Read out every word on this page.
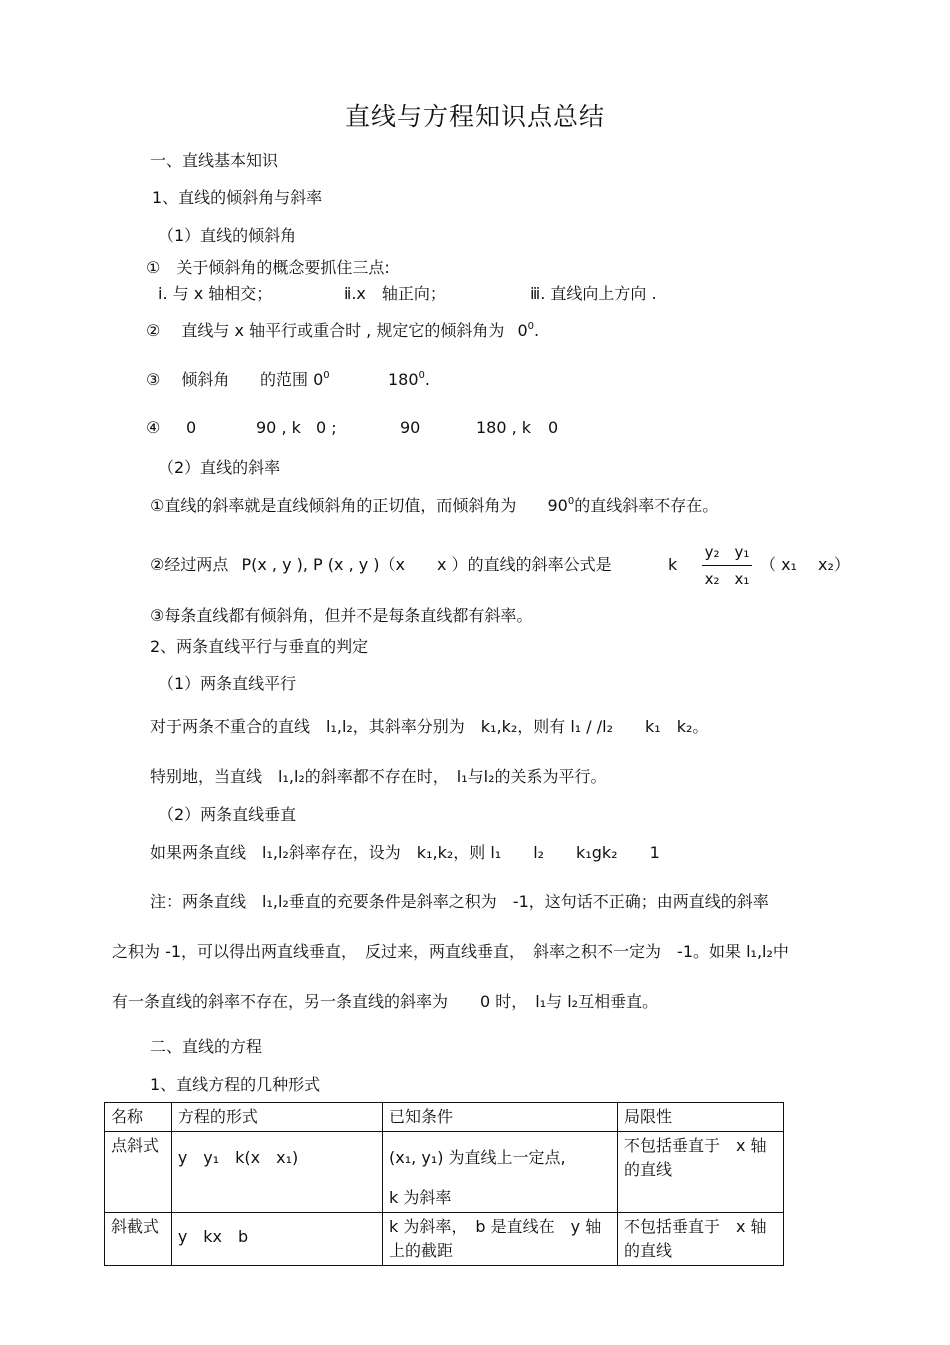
直线与方程知识点总结
一、直线基本知识
1、直线的倾斜角与斜率
（1）直线的倾斜角
①　关于倾斜角的概念要抓住三点:
ⅰ. 与 x 轴相交；	ⅱ.x　轴正向；	ⅲ. 直线向上方向 .
②　 直线与 x 轴平行或重合时 , 规定它的倾斜角为 $0^0$.
③　 倾斜角 的范围 $0^0$	$180^0$.
④ 0	90 , k 0 ;	90	180 , k 0
（2）直线的斜率
①直线的斜率就是直线倾斜角的正切值，而倾斜角为 $90^0$的直线斜率不存在。
②经过两点 P(x , y ), P (x , y )（x　　x ）的直线的斜率公式是	k
y₂　y₁
x₂　x₁
（ x₁　 x₂）
③每条直线都有倾斜角，但并不是每条直线都有斜率。
2、两条直线平行与垂直的判定
（1）两条直线平行
对于两条不重合的直线　l₁,l₂，其斜率分别为　k₁,k₂，则有 l₁ / /l₂　　k₁　k₂。
特别地，当直线　l₁,l₂的斜率都不存在时，　l₁与l₂的关系为平行。
（2）两条直线垂直
如果两条直线　l₁,l₂斜率存在，设为　k₁,k₂，则 l₁　　l₂　　k₁gk₂　　1
注：两条直线　l₁,l₂垂直的充要条件是斜率之积为　-1，这句话不正确；由两直线的斜率
之积为 -1，可以得出两直线垂直，　反过来，两直线垂直，　斜率之积不一定为　-1。如果 l₁,l₂中
有一条直线的斜率不存在，另一条直线的斜率为　　0 时，　l₁与 l₂互相垂直。
二、直线的方程
1、直线方程的几种形式
名称	方程的形式	已知条件	局限性
点斜式	y　y₁　k(x　x₁)	(x₁, y₁) 为直线上一定点,
k 为斜率	不包括垂直于　x 轴的直线
斜截式	y　kx　b	k 为斜率，　b 是直线在　y 轴上的截距	不包括垂直于　x 轴的直线
